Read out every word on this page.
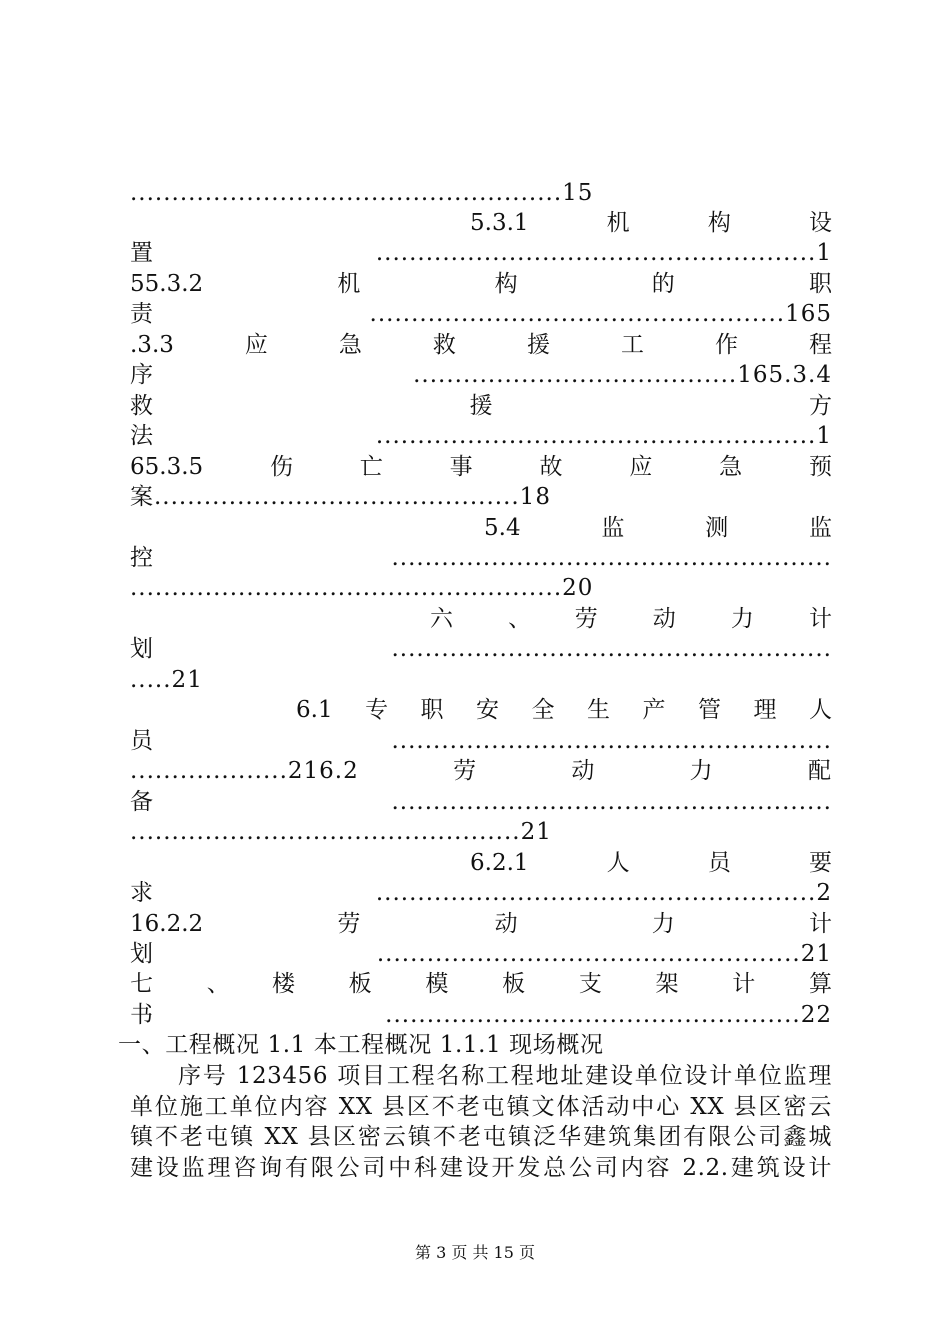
....................................................15
5.3.1　机　构　设
置.....................................................1
55.3.2　机　构　的　职
责..................................................165
.3.3　应　急　救　援　工　作　程
序　.......................................165.3.4
救　援　方
法.....................................................1
65.3.5　伤　亡　事　故　应　急　预
案............................................18
5.4　监　测　监
控.....................................................
....................................................20
六　、　劳　动　力　计
划.....................................................
.....21
6.1　专　职　安　全　生　产　管　理　人
员.....................................................
...................216.2　劳　动　力　配
备.....................................................
...............................................21
6.2.1　人　员　要
求.....................................................2
16.2.2　劳　动　力　计
划　...................................................21
七　、　楼　板　模　板　支　架　计　算
书　..................................................22
一、工程概况 1.1 本工程概况 1.1.1 现场概况
序号 123456 项目工程名称工程地址建设单位设计单位监理
单位施工单位内容 XX 县区不老屯镇文体活动中心 XX 县区密云
镇不老屯镇 XX 县区密云镇不老屯镇泛华建筑集团有限公司鑫城
建设监理咨询有限公司中科建设开发总公司内容 2.2.建筑设计
第 3 页 共 15 页
